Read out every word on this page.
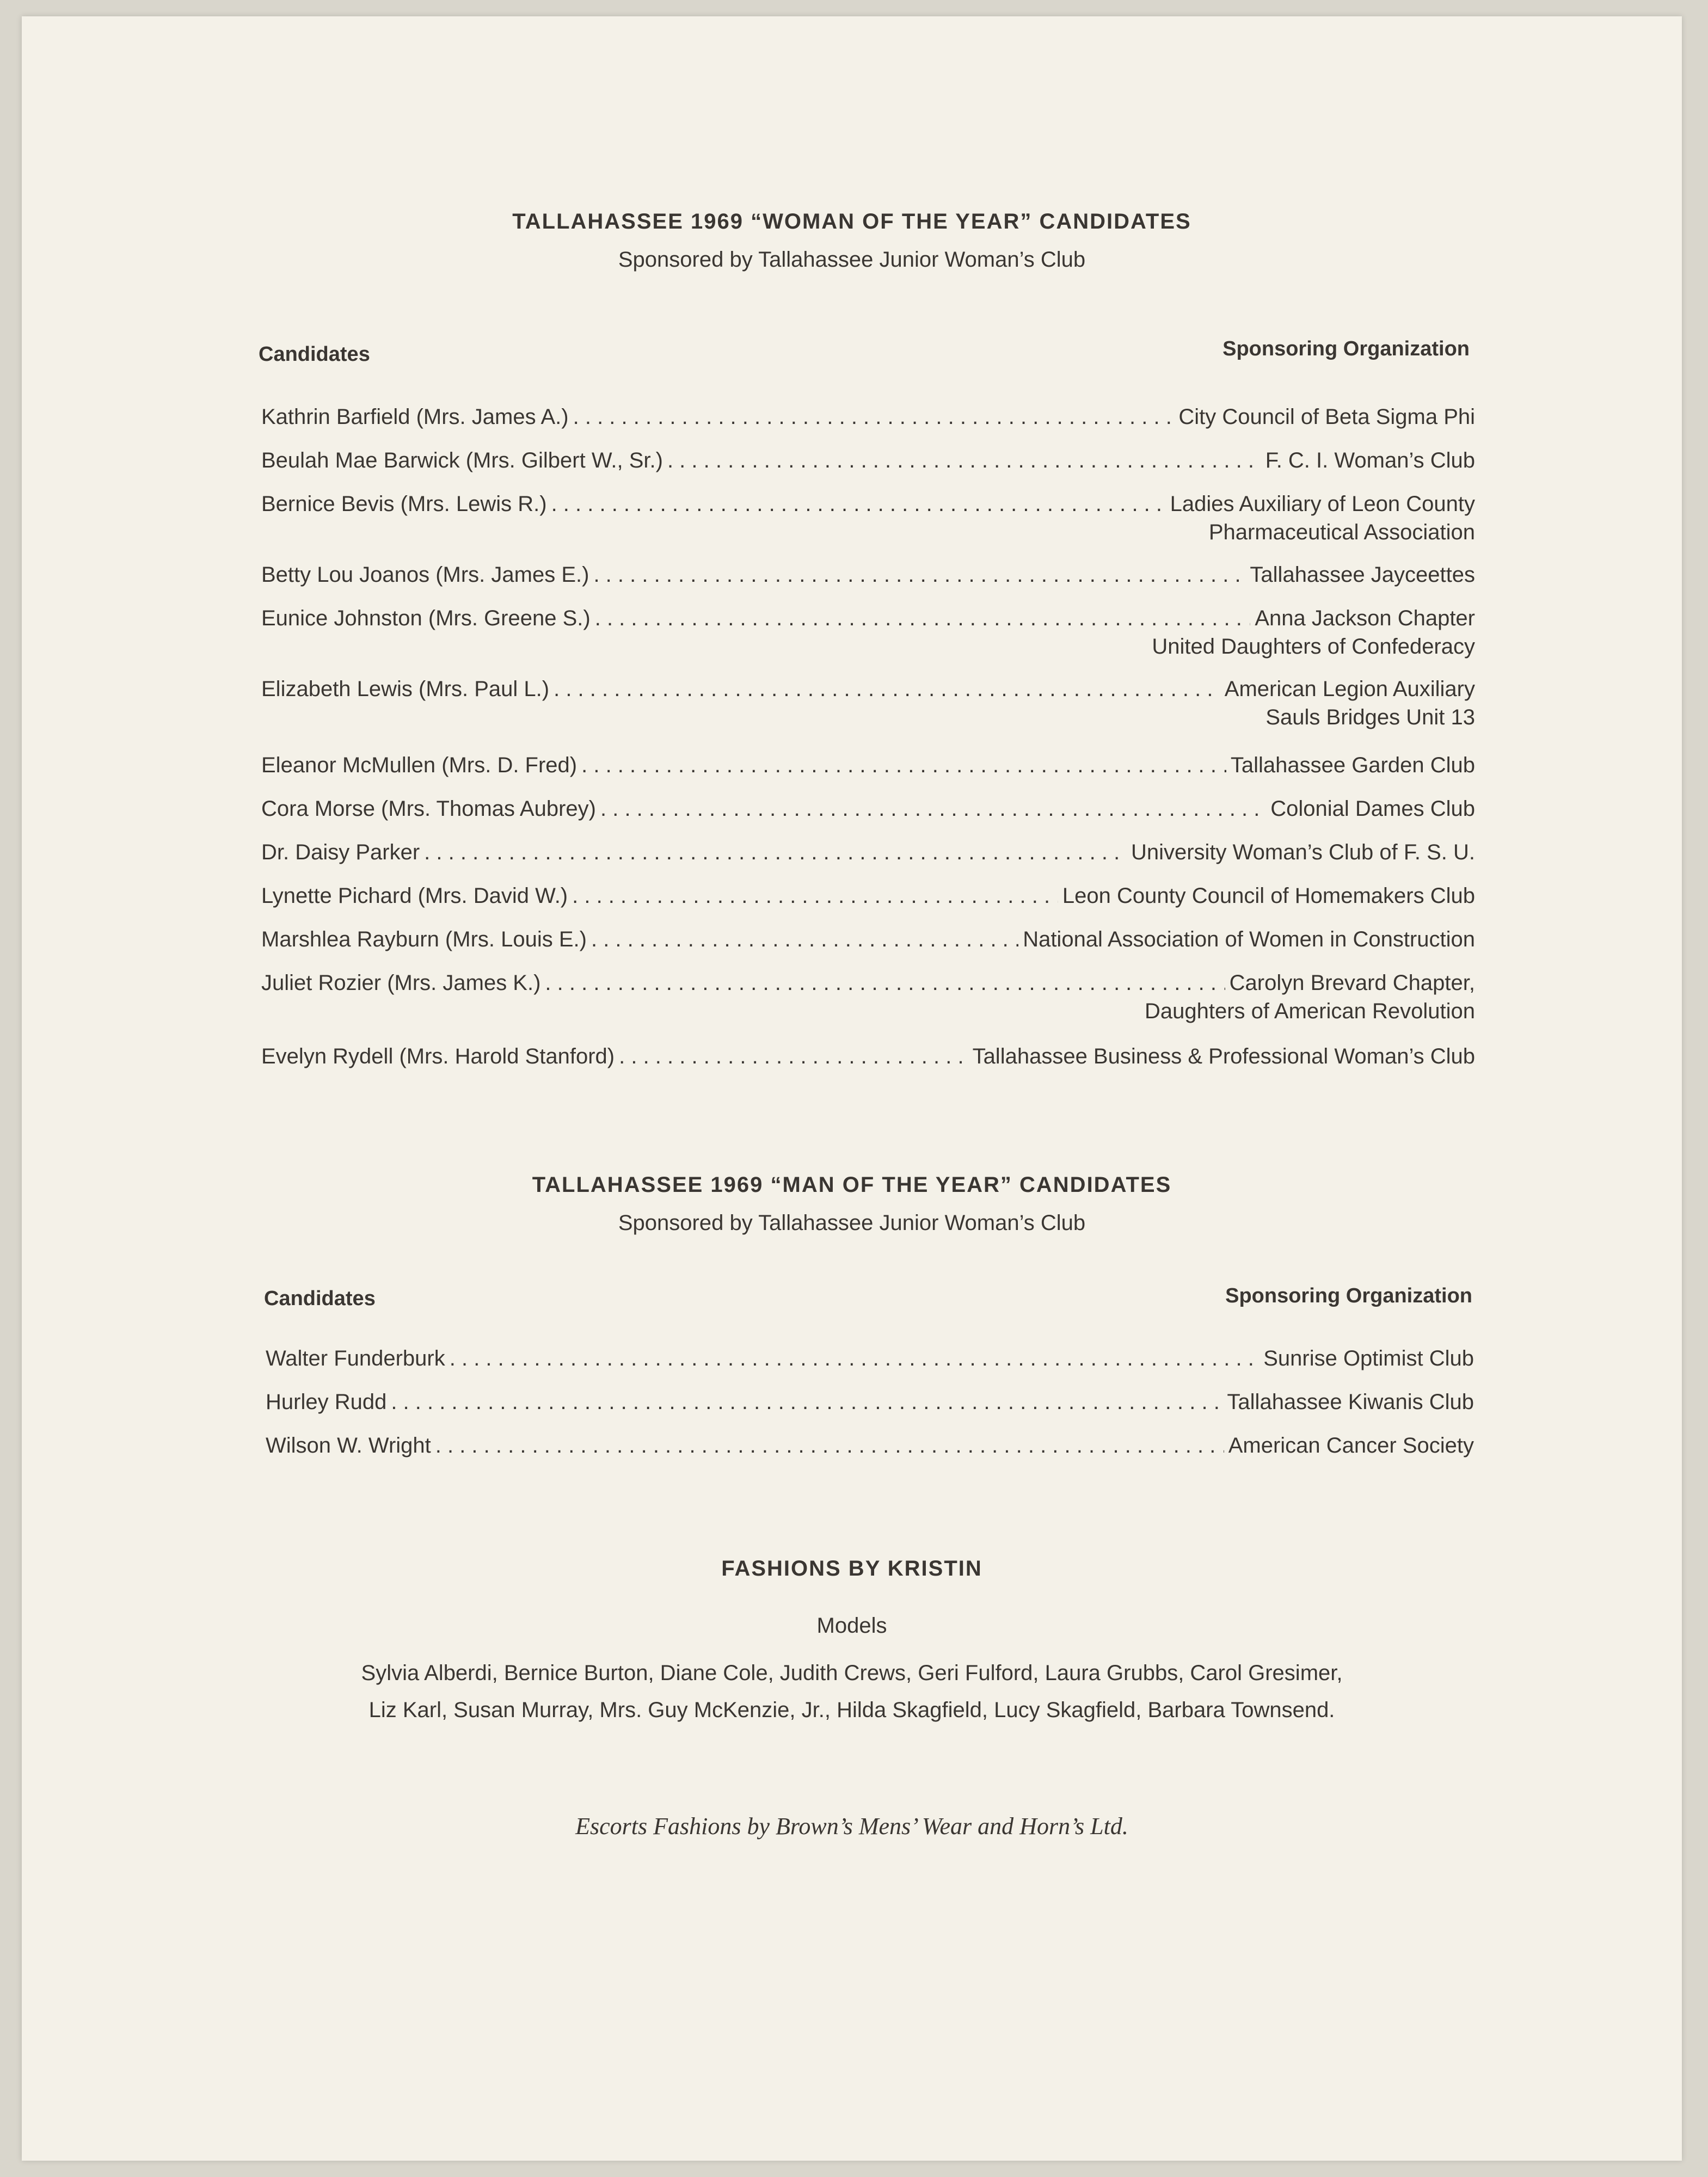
TALLAHASSEE 1969 “WOMAN OF THE YEAR” CANDIDATES
Sponsored by Tallahassee Junior Woman’s Club
Candidates	Sponsoring Organization
Kathrin Barfield (Mrs. James A.) . . .	City Council of Beta Sigma Phi
Beulah Mae Barwick (Mrs. Gilbert W., Sr.) . . .	F. C. I. Woman’s Club
Bernice Bevis (Mrs. Lewis R.) . . .	Ladies Auxiliary of Leon County
Pharmaceutical Association
Betty Lou Joanos (Mrs. James E.) . . .	Tallahassee Jayceettes
Eunice Johnston (Mrs. Greene S.) . . .	Anna Jackson Chapter
United Daughters of Confederacy
Elizabeth Lewis (Mrs. Paul L.) . . .	American Legion Auxiliary
Sauls Bridges Unit 13
Eleanor McMullen (Mrs. D. Fred) . . .	Tallahassee Garden Club
Cora Morse (Mrs. Thomas Aubrey) . . .	Colonial Dames Club
Dr. Daisy Parker . . .	University Woman’s Club of F. S. U.
Lynette Pichard (Mrs. David W.) . . .	Leon County Council of Homemakers Club
Marshlea Rayburn (Mrs. Louis E.) . . .	National Association of Women in Construction
Juliet Rozier (Mrs. James K.) . . .	Carolyn Brevard Chapter,
Daughters of American Revolution
Evelyn Rydell (Mrs. Harold Stanford) . . .	Tallahassee Business & Professional Woman’s Club
TALLAHASSEE 1969 “MAN OF THE YEAR” CANDIDATES
Sponsored by Tallahassee Junior Woman’s Club
Candidates	Sponsoring Organization
Walter Funderburk . . .	Sunrise Optimist Club
Hurley Rudd . . .	Tallahassee Kiwanis Club
Wilson W. Wright . . .	American Cancer Society
FASHIONS BY KRISTIN
Models
Sylvia Alberdi, Bernice Burton, Diane Cole, Judith Crews, Geri Fulford, Laura Grubbs, Carol Gresimer,
Liz Karl, Susan Murray, Mrs. Guy McKenzie, Jr., Hilda Skagfield, Lucy Skagfield, Barbara Townsend.
Escorts Fashions by Brown’s Mens’ Wear and Horn’s Ltd.
